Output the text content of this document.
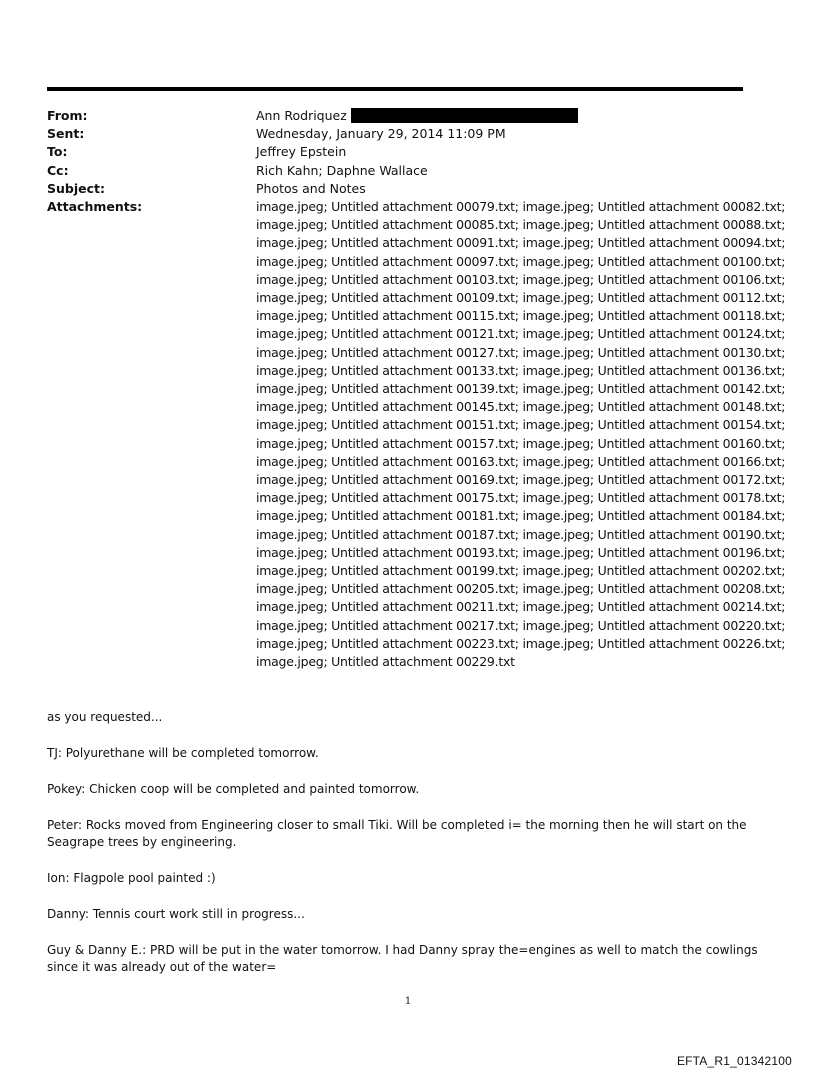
From:	Ann Rodriquez
Sent:	Wednesday, January 29, 2014 11:09 PM
To:	Jeffrey Epstein
Cc:	Rich Kahn; Daphne Wallace
Subject:	Photos and Notes
Attachments:	image.jpeg; Untitled attachment 00079.txt; image.jpeg; Untitled attachment 00082.txt;
image.jpeg; Untitled attachment 00085.txt; image.jpeg; Untitled attachment 00088.txt;
image.jpeg; Untitled attachment 00091.txt; image.jpeg; Untitled attachment 00094.txt;
image.jpeg; Untitled attachment 00097.txt; image.jpeg; Untitled attachment 00100.txt;
image.jpeg; Untitled attachment 00103.txt; image.jpeg; Untitled attachment 00106.txt;
image.jpeg; Untitled attachment 00109.txt; image.jpeg; Untitled attachment 00112.txt;
image.jpeg; Untitled attachment 00115.txt; image.jpeg; Untitled attachment 00118.txt;
image.jpeg; Untitled attachment 00121.txt; image.jpeg; Untitled attachment 00124.txt;
image.jpeg; Untitled attachment 00127.txt; image.jpeg; Untitled attachment 00130.txt;
image.jpeg; Untitled attachment 00133.txt; image.jpeg; Untitled attachment 00136.txt;
image.jpeg; Untitled attachment 00139.txt; image.jpeg; Untitled attachment 00142.txt;
image.jpeg; Untitled attachment 00145.txt; image.jpeg; Untitled attachment 00148.txt;
image.jpeg; Untitled attachment 00151.txt; image.jpeg; Untitled attachment 00154.txt;
image.jpeg; Untitled attachment 00157.txt; image.jpeg; Untitled attachment 00160.txt;
image.jpeg; Untitled attachment 00163.txt; image.jpeg; Untitled attachment 00166.txt;
image.jpeg; Untitled attachment 00169.txt; image.jpeg; Untitled attachment 00172.txt;
image.jpeg; Untitled attachment 00175.txt; image.jpeg; Untitled attachment 00178.txt;
image.jpeg; Untitled attachment 00181.txt; image.jpeg; Untitled attachment 00184.txt;
image.jpeg; Untitled attachment 00187.txt; image.jpeg; Untitled attachment 00190.txt;
image.jpeg; Untitled attachment 00193.txt; image.jpeg; Untitled attachment 00196.txt;
image.jpeg; Untitled attachment 00199.txt; image.jpeg; Untitled attachment 00202.txt;
image.jpeg; Untitled attachment 00205.txt; image.jpeg; Untitled attachment 00208.txt;
image.jpeg; Untitled attachment 00211.txt; image.jpeg; Untitled attachment 00214.txt;
image.jpeg; Untitled attachment 00217.txt; image.jpeg; Untitled attachment 00220.txt;
image.jpeg; Untitled attachment 00223.txt; image.jpeg; Untitled attachment 00226.txt;
image.jpeg; Untitled attachment 00229.txt

as you requested...

TJ: Polyurethane will be completed tomorrow.

Pokey: Chicken coop will be completed and painted tomorrow.

Peter: Rocks moved from Engineering closer to small Tiki. Will be completed i= the morning then he will start on the Seagrape trees by engineering.

Ion: Flagpole pool painted :)

Danny: Tennis court work still in progress...

Guy & Danny E.: PRD will be put in the water tomorrow. I had Danny spray the=engines as well to match the cowlings since it was already out of the water=

1
EFTA_R1_01342100
